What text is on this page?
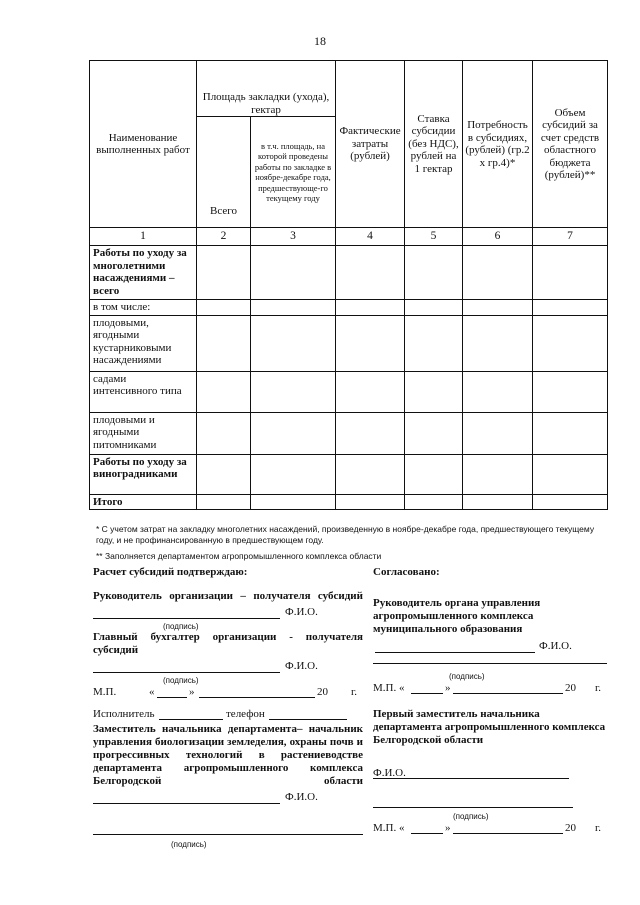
18
Наименование выполненных работ	Площадь закладки (ухода), гектар		Фактические затраты (рублей)	Ставка субсидии (без НДС), рублей на 1 гектар	Потребность в субсидиях, (рублей) (гр.2 х гр.4)*	Объем субсидий за счет средств областного бюджета (рублей)**
	Всего	в т.ч. площадь, на которой проведены работы по закладке в ноябре-декабре года, предшествующе-го текущему году				
1	2	3	4	5	6	7
Работы по уходу за многолетними насаждениями – всего						
в том числе:						
плодовыми, ягодными кустарниковыми насаждениями						
садами интенсивного типа						
плодовыми и ягодными питомниками						
Работы по уходу за виноградниками						
Итого						
* С учетом затрат на закладку многолетних насаждений, произведенную в ноябре-декабре года, предшествующего текущему году, и не профинансированную в предшествующем году.
** Заполняется департаментом агропромышленного комплекса области
Расчет субсидий подтверждаю:
Руководитель организации – получателя субсидий
Ф.И.О.
(подпись)
Главный бухгалтер организации - получателя субсидий
Ф.И.О.
(подпись)
М.П.	«	»	20 г.
Исполнитель	телефон
Заместитель начальника департамента– начальник управления биологизации земледелия, охраны почв и прогрессивных технологий в растениеводстве департамента агропромышленного комплекса Белгородской области
Ф.И.О.
(подпись)
Согласовано:
Руководитель органа управления агропромышленного комплекса муниципального образования
Ф.И.О.
(подпись)
М.П. «	»	20 г.
Первый заместитель начальника департамента агропромышленного комплекса Белгородской области
Ф.И.О.
(подпись)
М.П. «	»	20 г.
